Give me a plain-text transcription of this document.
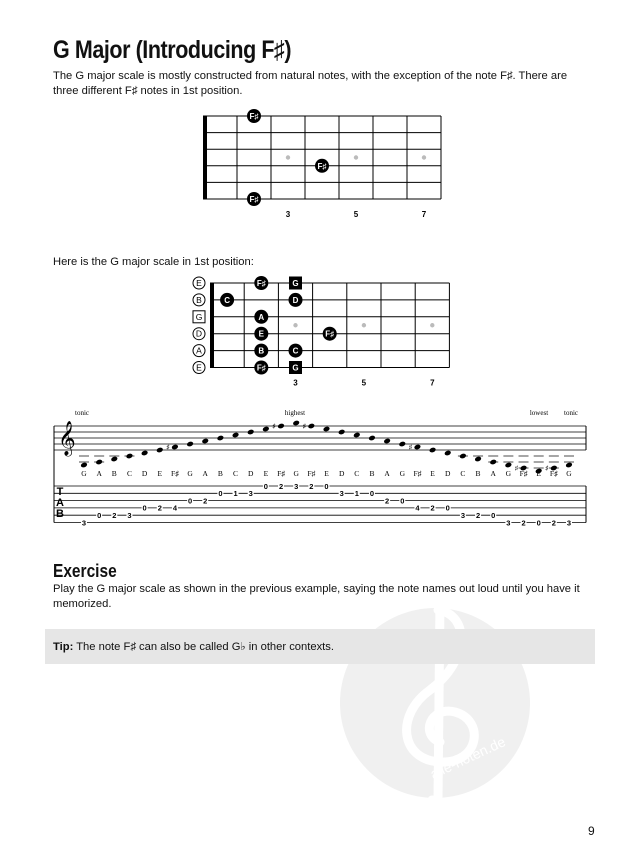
alle-noten.de
G Major (Introducing F♯)
The G major scale is mostly constructed from natural notes, with the exception of the note F♯. There are three different F♯ notes in 1st position.
3	5	7
F♯
F♯
F♯
Here is the G major scale in 1st position:
E
B
G
D
A
E
3	5	7
F♯	G
C	D
A
E	F♯
B	C
F♯	G
𝄞
tonic	highest	lowest tonic
G A B C D E
♯
F♯ G A B C D E
♯
F♯ G
♯
F♯ E D C B A G
♯
F♯ E D C B A G
♯
F♯ E
♯
F♯ G
T
A
B
3
0 2 3
0 2 4
0 2
0 1 3
0 2 3 2 0
3 1 0
2 0
4 2 0
3 2 0
3 2 0 2 3
Exercise
Play the G major scale as shown in the previous example, saying the note names out loud until you have it memorized.
Tip: The note F♯ can also be called G♭ in other contexts.
9
